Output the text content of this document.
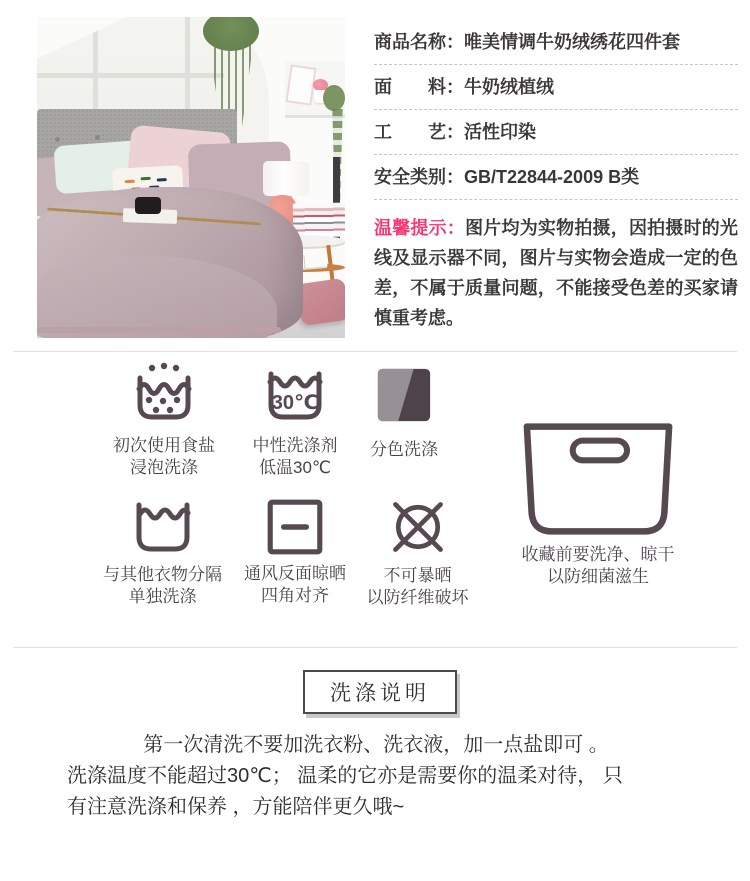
商品名称： 唯美情调牛奶绒绣花四件套
面　　料： 牛奶绒植绒
工　　艺： 活性印染
安全类别： GB/T22844-2009 B类
温馨提示：图片均为实物拍摄，因拍摄时的光线及显示器不同，图片与实物会造成一定的色差，不属于质量问题，不能接受色差的买家请慎重考虑。
初次使用食盐
浸泡洗涤
30℃
中性洗涤剂
低温30℃
分色洗涤
与其他衣物分隔
单独洗涤
通风反面晾晒
四角对齐
不可暴晒
以防纤维破坏
收藏前要洗净、晾干
以防细菌滋生
洗涤说明
第一次清洗不要加洗衣粉、洗衣液，加一点盐即可 。
洗涤温度不能超过30℃； 温柔的它亦是需要你的温柔对待， 只
有注意洗涤和保养 ，方能陪伴更久哦~
